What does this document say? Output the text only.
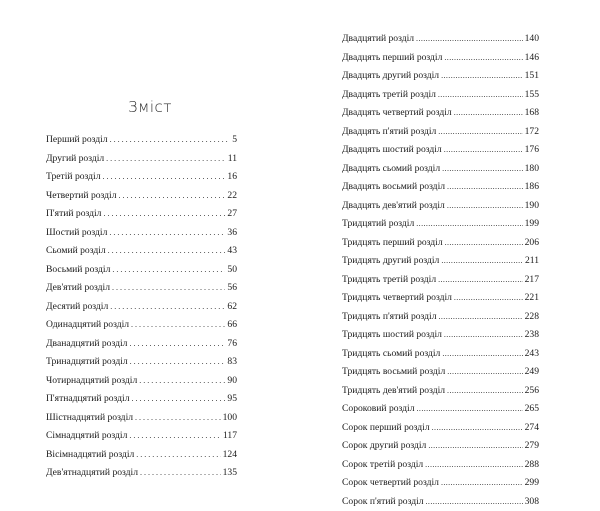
Зміст
Перший розділ . . .	5
Другий розділ . . .	11
Третій розділ . . .	16
Четвертий розділ . . .	22
П'ятий розділ . . .	27
Шостий розділ . . .	36
Сьомий розділ . . .	43
Восьмий розділ . . .	50
Дев'ятий розділ . . .	56
Десятий розділ . . .	62
Одинадцятий розділ . . .	66
Дванадцятий розділ . . .	76
Тринадцятий розділ . . .	83
Чотирнадцятий розділ . . .	90
П'ятнадцятий розділ . . .	95
Шістнадцятий розділ . . .	100
Сімнадцятий розділ . . .	117
Вісімнадцятий розділ . . .	124
Дев'ятнадцятий розділ . . .	135
Двадцятий розділ .....	140
Двадцять перший розділ .....	146
Двадцять другий розділ .....	151
Двадцять третій розділ .....	155
Двадцять четвертий розділ .....	168
Двадцять п'ятий розділ .....	172
Двадцять шостий розділ .....	176
Двадцять сьомий розділ .....	180
Двадцять восьмий розділ .....	186
Двадцять дев'ятий розділ .....	190
Тридцятий розділ .....	199
Тридцять перший розділ .....	206
Тридцять другий розділ .....	211
Тридцять третій розділ .....	217
Тридцять четвертий розділ .....	221
Тридцять п'ятий розділ .....	228
Тридцять шостий розділ .....	238
Тридцять сьомий розділ .....	243
Тридцять восьмий розділ .....	249
Тридцять дев'ятий розділ .....	256
Сороковий розділ .....	265
Сорок перший розділ .....	274
Сорок другий розділ .....	279
Сорок третій розділ .....	288
Сорок четвертий розділ .....	299
Сорок п'ятий розділ .....	308
